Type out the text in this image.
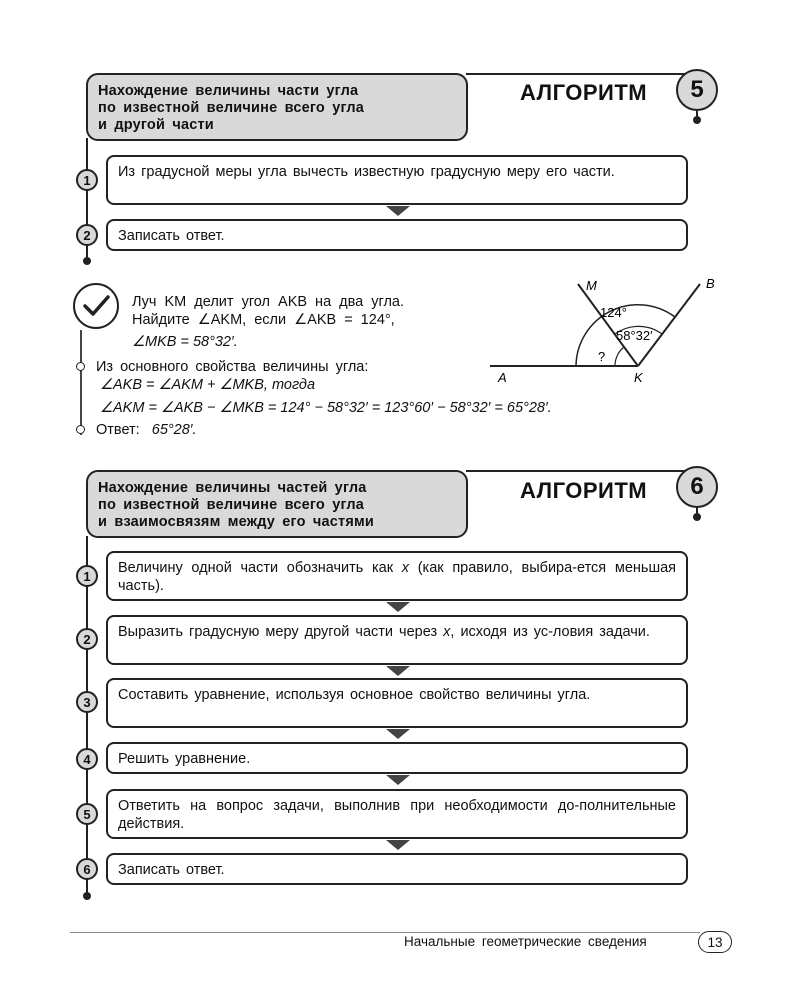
Нахождение величины части угла
по известной величине всего угла
и другой части
АЛГОРИТМ	5
1	Из градусной меры угла вычесть известную градусную меру его части.
2	Записать ответ.
Луч KM делит угол AKB на два угла.
Найдите ∠AKM, если ∠AKB = 124°,
∠MKB = 58°32′.
Из основного свойства величины угла:
∠AKB = ∠AKM + ∠MKB, тогда
∠AKM = ∠AKB − ∠MKB = 124° − 58°32′ = 123°60′ − 58°32′ = 65°28′.
Ответ: 65°28′.
M	B
A	K
124°
58°32′
?
Нахождение величины частей угла
по известной величине всего угла
и взаимосвязям между его частями
АЛГОРИТМ	6
1	Величину одной части обозначить как x (как правило, выбира-ется меньшая часть).
2	Выразить градусную меру другой части через x, исходя из ус-ловия задачи.
3	Составить уравнение, используя основное свойство величины угла.
4	Решить уравнение.
5	Ответить на вопрос задачи, выполнив при необходимости до-полнительные действия.
6	Записать ответ.
Начальные геометрические сведения	13
